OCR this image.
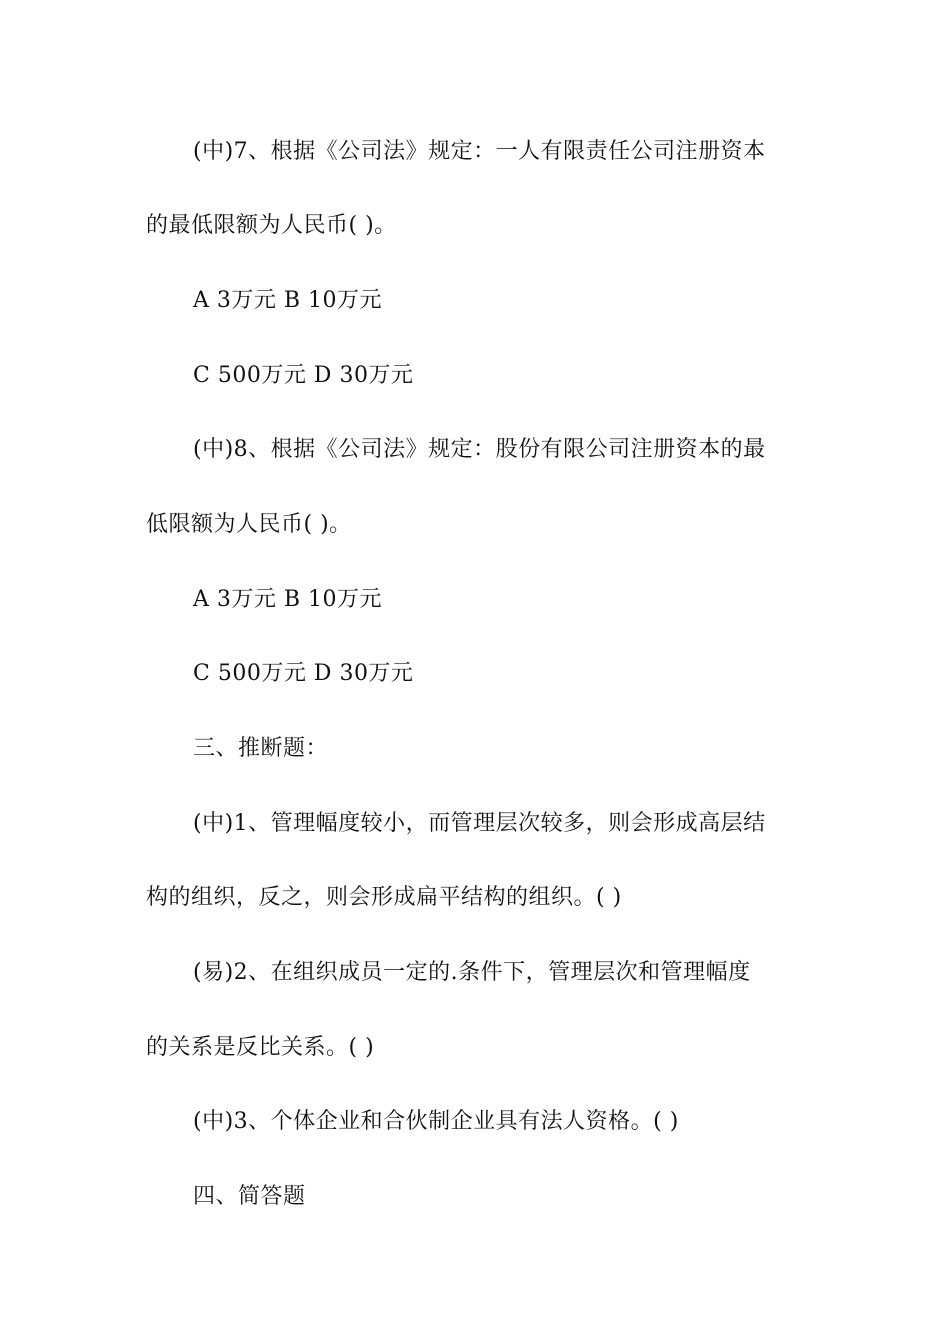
(中)7、根据《公司法》规定：一人有限责任公司注册资本
的最低限额为人民币( )。
A 3万元 B 10万元
C 500万元 D 30万元
(中)8、根据《公司法》规定：股份有限公司注册资本的最
低限额为人民币( )。
A 3万元 B 10万元
C 500万元 D 30万元
三、推断题：
(中)1、管理幅度较小，而管理层次较多，则会形成高层结
构的组织，反之，则会形成扁平结构的组织。( )
(易)2、在组织成员一定的.条件下，管理层次和管理幅度
的关系是反比关系。( )
(中)3、个体企业和合伙制企业具有法人资格。( )
四、简答题
